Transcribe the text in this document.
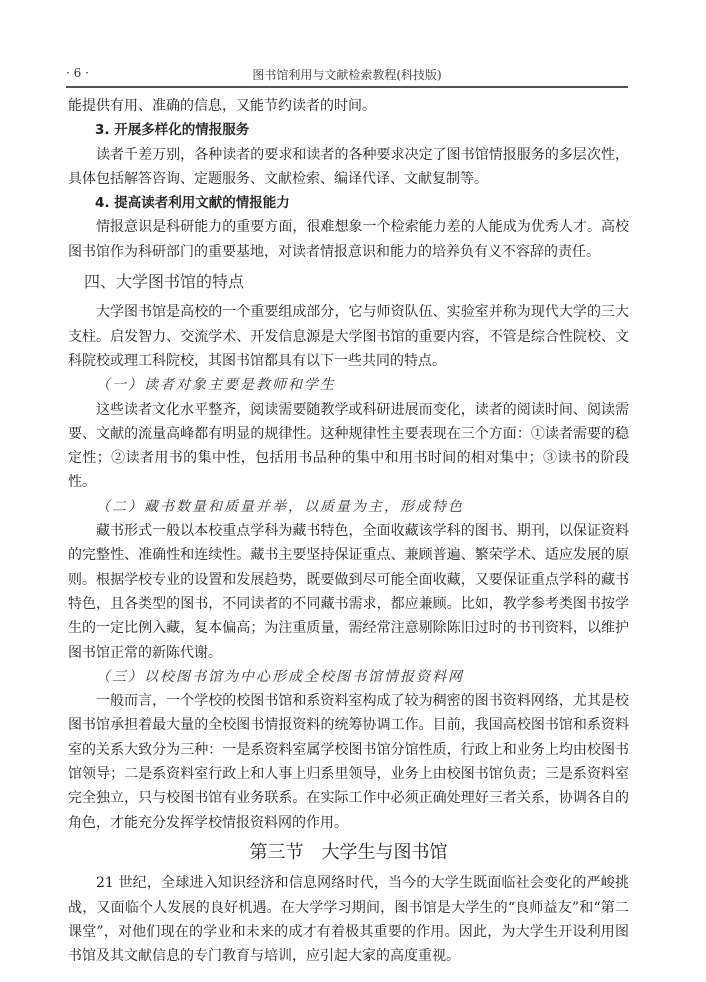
· 6 ·	图书馆利用与文献检索教程(科技版)

能提供有用、准确的信息，又能节约读者的时间。

3. 开展多样化的情报服务

读者千差万别，各种读者的要求和读者的各种要求决定了图书馆情报服务的多层次性，具体包括解答咨询、定题服务、文献检索、编译代译、文献复制等。

4. 提高读者利用文献的情报能力

情报意识是科研能力的重要方面，很难想象一个检索能力差的人能成为优秀人才。高校图书馆作为科研部门的重要基地，对读者情报意识和能力的培养负有义不容辞的责任。

四、大学图书馆的特点

大学图书馆是高校的一个重要组成部分，它与师资队伍、实验室并称为现代大学的三大支柱。启发智力、交流学术、开发信息源是大学图书馆的重要内容，不管是综合性院校、文科院校或理工科院校，其图书馆都具有以下一些共同的特点。

（一）读者对象主要是教师和学生

这些读者文化水平整齐，阅读需要随教学或科研进展而变化，读者的阅读时间、阅读需要、文献的流量高峰都有明显的规律性。这种规律性主要表现在三个方面：①读者需要的稳定性；②读者用书的集中性，包括用书品种的集中和用书时间的相对集中；③读书的阶段性。

（二）藏书数量和质量并举，以质量为主，形成特色

藏书形式一般以本校重点学科为藏书特色，全面收藏该学科的图书、期刊，以保证资料的完整性、准确性和连续性。藏书主要坚持保证重点、兼顾普遍、繁荣学术、适应发展的原则。根据学校专业的设置和发展趋势，既要做到尽可能全面收藏，又要保证重点学科的藏书特色，且各类型的图书，不同读者的不同藏书需求，都应兼顾。比如，教学参考类图书按学生的一定比例入藏，复本偏高；为注重质量，需经常注意剔除陈旧过时的书刊资料，以维护图书馆正常的新陈代谢。

（三）以校图书馆为中心形成全校图书馆情报资料网

一般而言，一个学校的校图书馆和系资料室构成了较为稠密的图书资料网络，尤其是校图书馆承担着最大量的全校图书情报资料的统筹协调工作。目前，我国高校图书馆和系资料室的关系大致分为三种：一是系资料室属学校图书馆分馆性质，行政上和业务上均由校图书馆领导；二是系资料室行政上和人事上归系里领导，业务上由校图书馆负责；三是系资料室完全独立，只与校图书馆有业务联系。在实际工作中必须正确处理好三者关系，协调各自的角色，才能充分发挥学校情报资料网的作用。

第三节　大学生与图书馆

21 世纪，全球进入知识经济和信息网络时代，当今的大学生既面临社会变化的严峻挑战，又面临个人发展的良好机遇。在大学学习期间，图书馆是大学生的“良师益友”和“第二课堂”，对他们现在的学业和未来的成才有着极其重要的作用。因此，为大学生开设利用图书馆及其文献信息的专门教育与培训，应引起大家的高度重视。
